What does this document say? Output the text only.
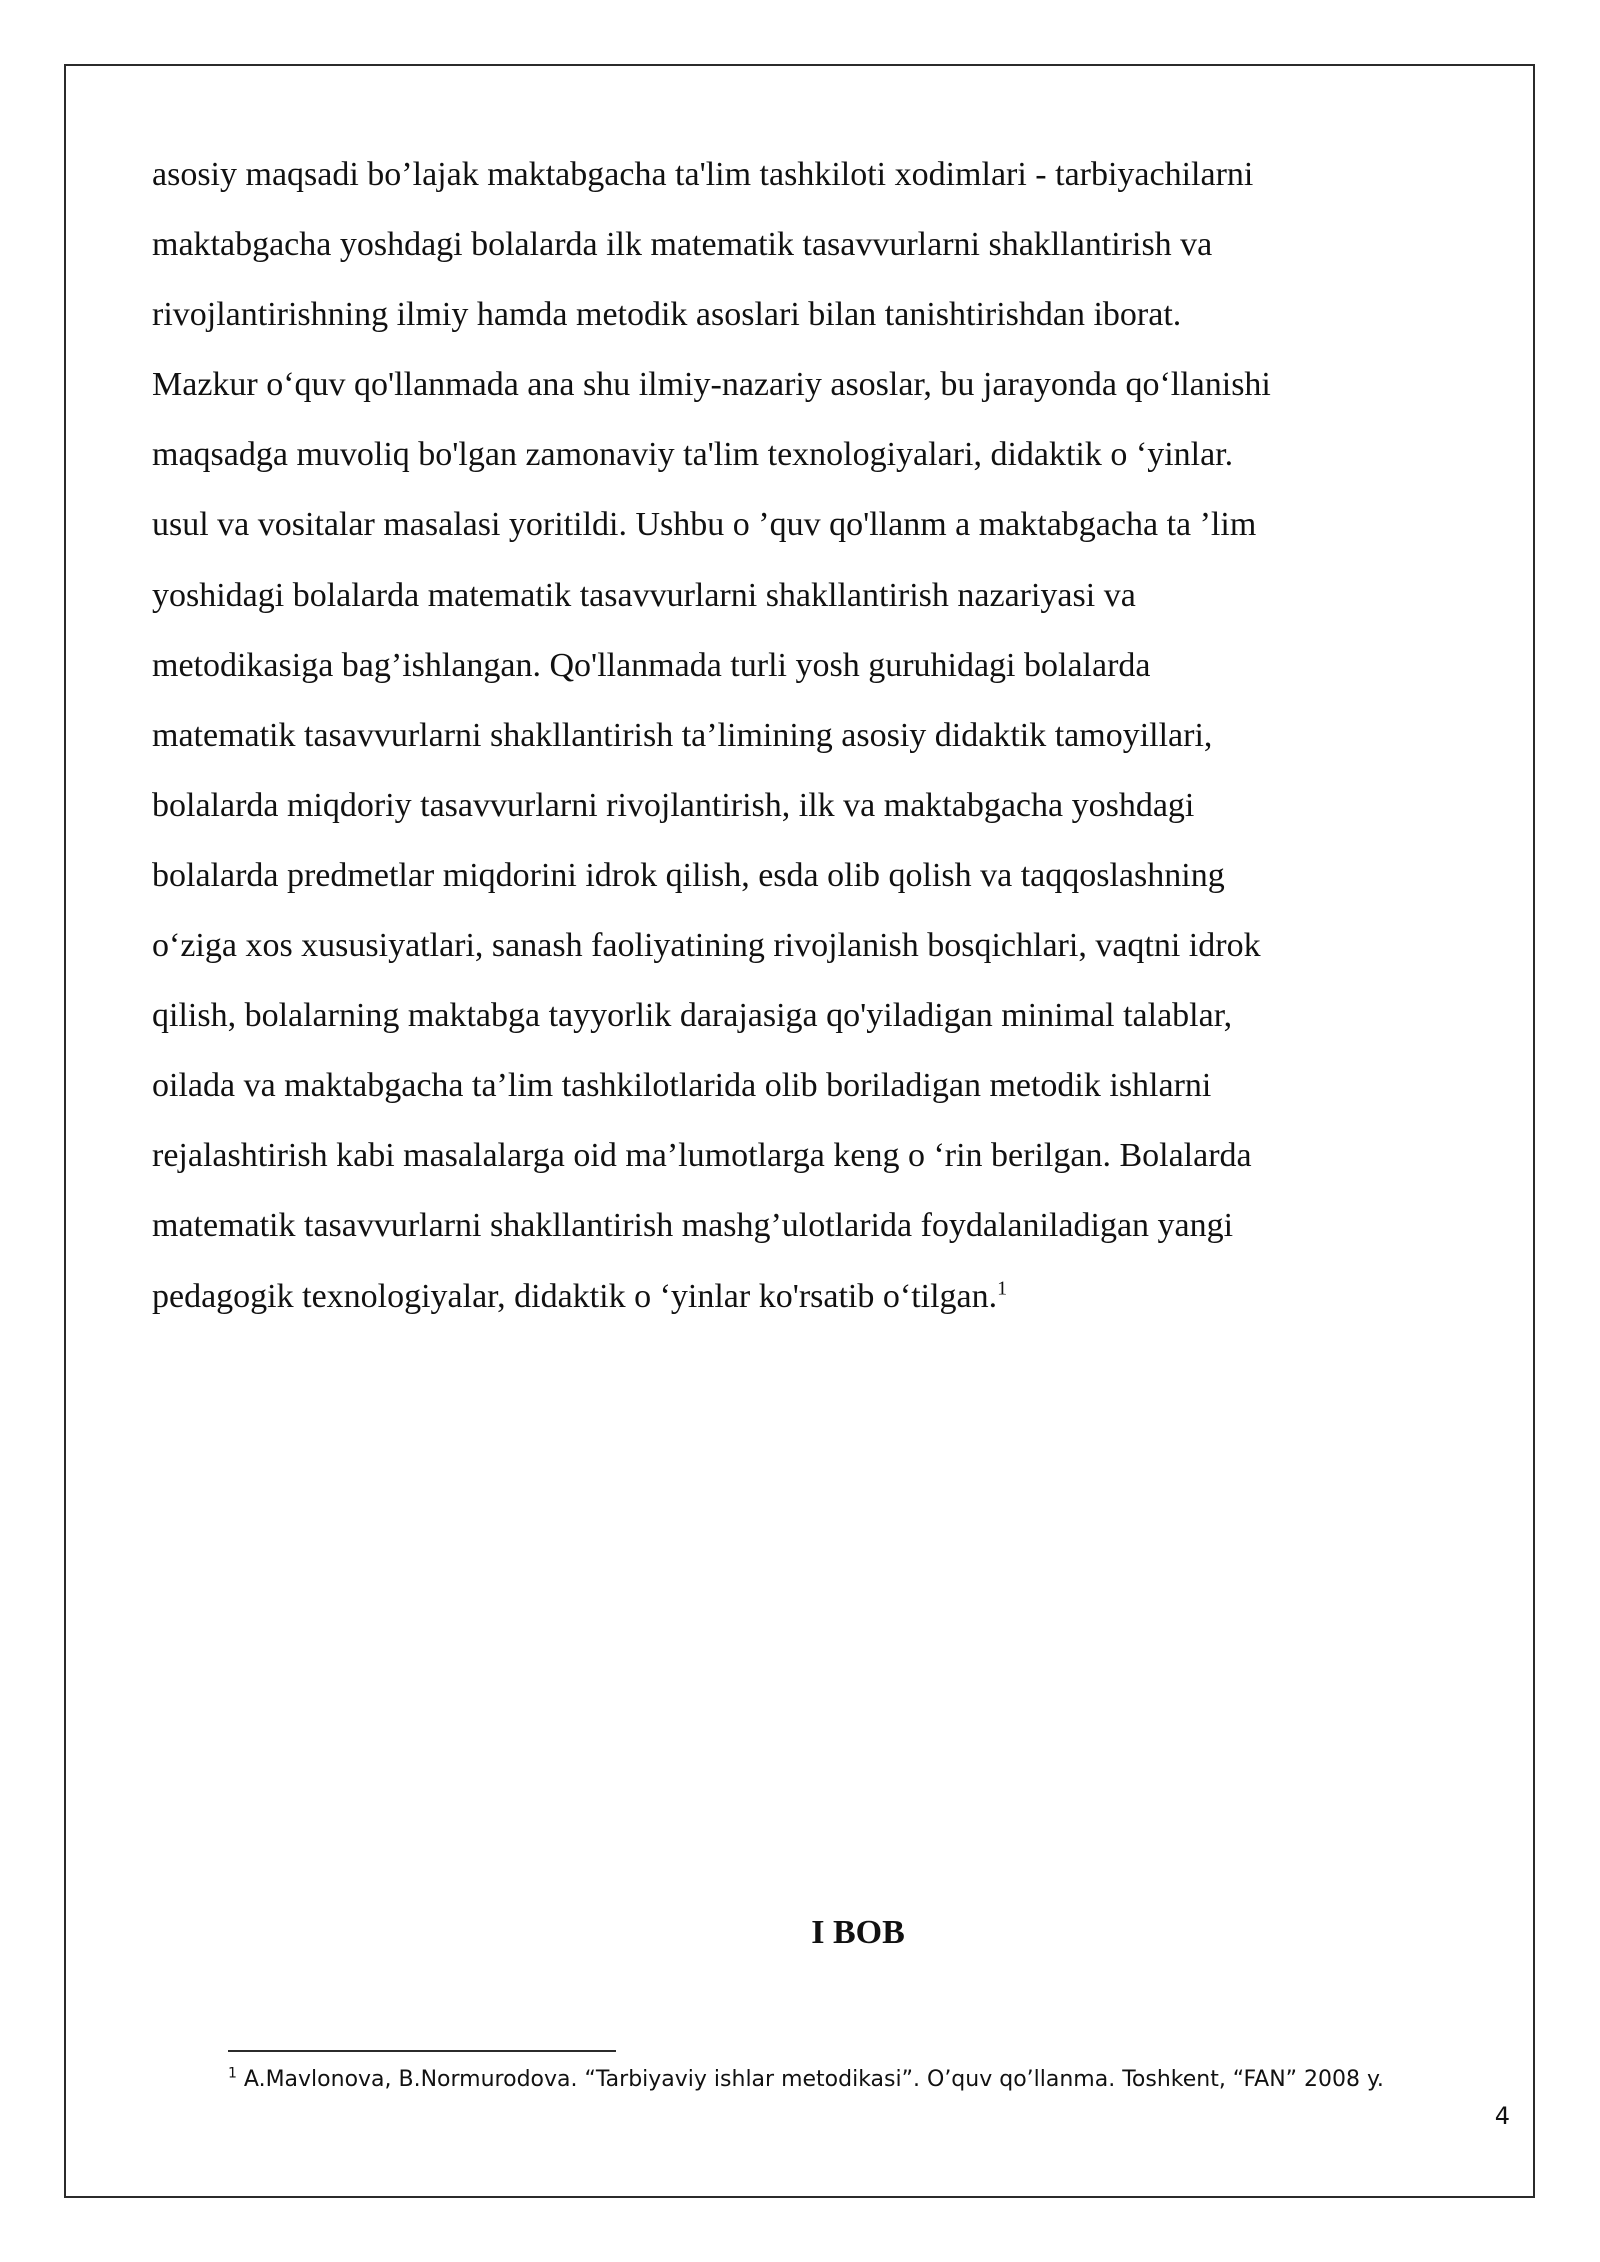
asosiy maqsadi bo’lajak maktabgacha ta'lim tashkiloti xodimlari - tarbiyachilarni
maktabgacha yoshdagi bolalarda ilk matematik tasavvurlarni shakllantirish va
rivojlantirishning ilmiy hamda metodik asoslari bilan tanishtirishdan iborat.
Mazkur o‘quv qo'llanmada ana shu ilmiy-nazariy asoslar, bu jarayonda qo‘llanishi
maqsadga muvoliq bo'lgan zamonaviy ta'lim texnologiyalari, didaktik o ‘yinlar.
usul va vositalar masalasi yoritildi. Ushbu o ’quv qo'llanm a maktabgacha ta ’lim
yoshidagi bolalarda matematik tasavvurlarni shakllantirish nazariyasi va
metodikasiga bag’ishlangan. Qo'llanmada turli yosh guruhidagi bolalarda
matematik tasavvurlarni shakllantirish ta’limining asosiy didaktik tamoyillari,
bolalarda miqdoriy tasavvurlarni rivojlantirish, ilk va maktabgacha yoshdagi
bolalarda predmetlar miqdorini idrok qilish, esda olib qolish va taqqoslashning
o‘ziga xos xususiyatlari, sanash faoliyatining rivojlanish bosqichlari, vaqtni idrok
qilish, bolalarning maktabga tayyorlik darajasiga qo'yiladigan minimal talablar,
oilada va maktabgacha ta’lim tashkilotlarida olib boriladigan metodik ishlarni
rejalashtirish kabi masalalarga oid ma’lumotlarga keng o ‘rin berilgan. Bolalarda
matematik tasavvurlarni shakllantirish mashg’ulotlarida foydalaniladigan yangi
pedagogik texnologiyalar, didaktik o ‘yinlar ko'rsatib o‘tilgan.$^1$
I BOB

$^1$ A.Mavlonova, B.Normurodova. “Tarbiyaviy ishlar metodikasi”. O’quv qo’llanma. Toshkent, “FAN” 2008 y.

4
